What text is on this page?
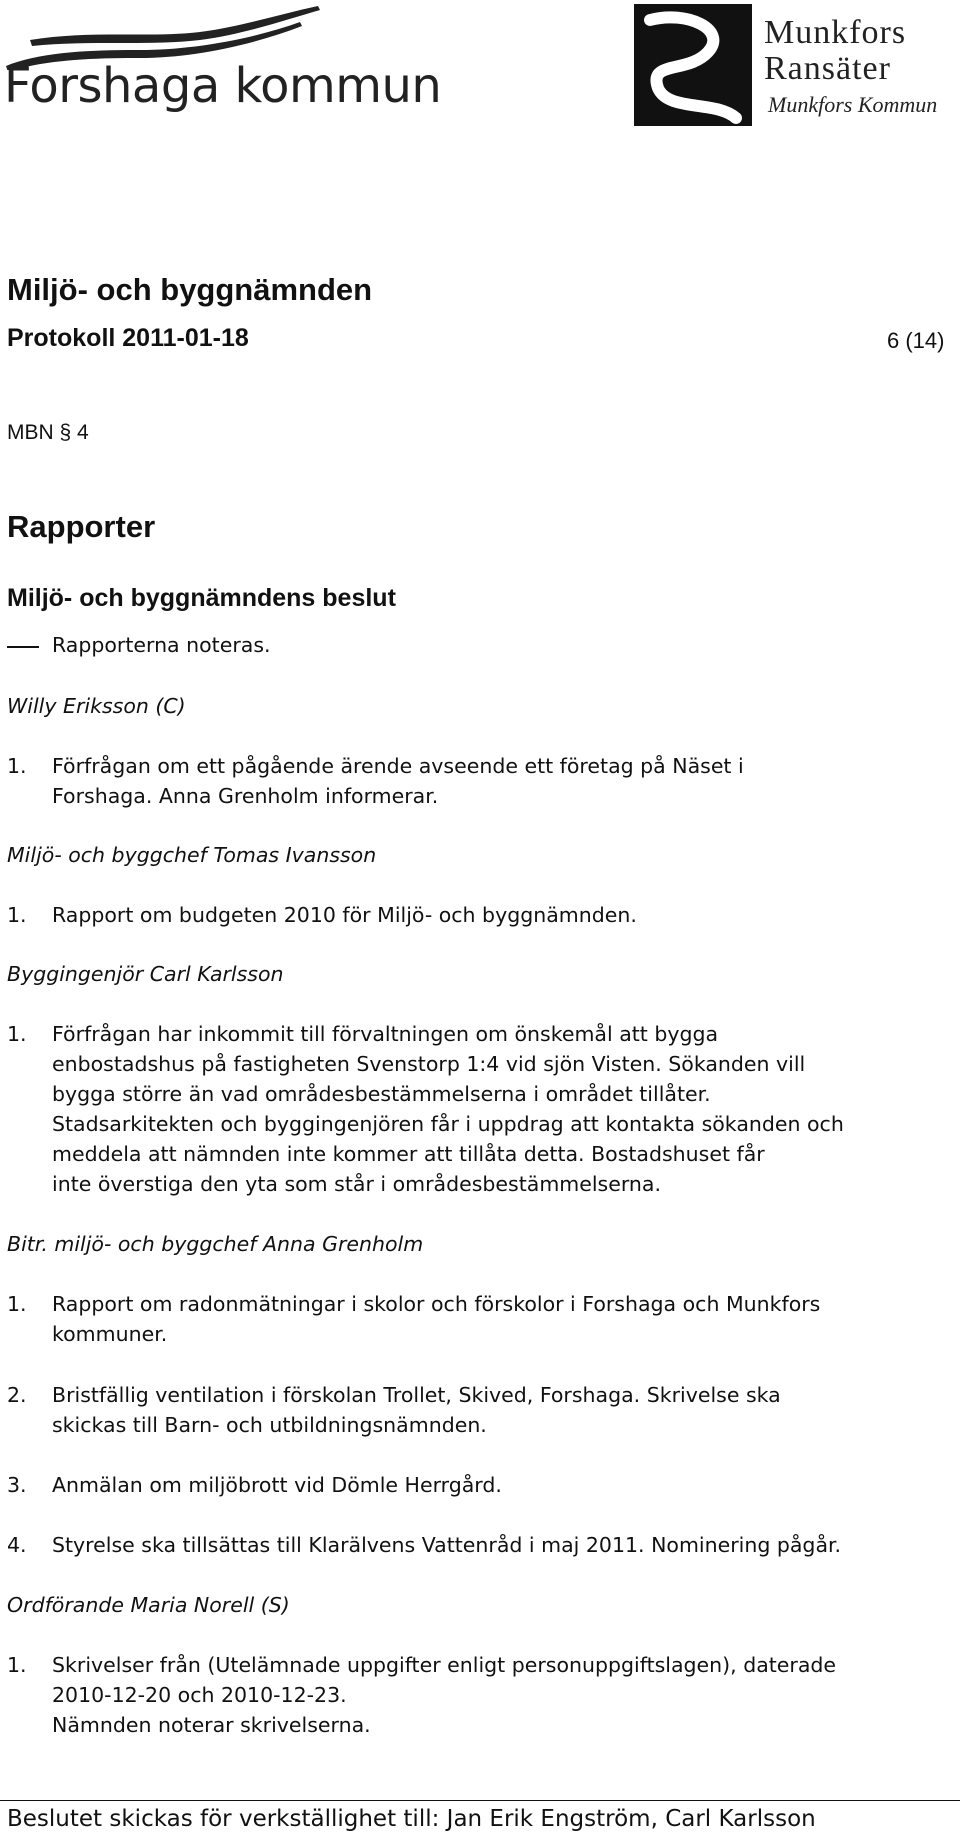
Forshaga kommun
Munkfors
Ransäter
Munkfors Kommun
Miljö- och byggnämnden
Protokoll 2011-01-18	6 (14)
MBN § 4
Rapporter
Miljö- och byggnämndens beslut
Rapporterna noteras.
Willy Eriksson (C)
1. Förfrågan om ett pågående ärende avseende ett företag på Näset i
Forshaga. Anna Grenholm informerar.
Miljö- och byggchef Tomas Ivansson
1. Rapport om budgeten 2010 för Miljö- och byggnämnden.
Byggingenjör Carl Karlsson
1. Förfrågan har inkommit till förvaltningen om önskemål att bygga
enbostadshus på fastigheten Svenstorp 1:4 vid sjön Visten. Sökanden vill
bygga större än vad områdesbestämmelserna i området tillåter.
Stadsarkitekten och byggingenjören får i uppdrag att kontakta sökanden och
meddela att nämnden inte kommer att tillåta detta. Bostadshuset får
inte överstiga den yta som står i områdesbestämmelserna.
Bitr. miljö- och byggchef Anna Grenholm
1. Rapport om radonmätningar i skolor och förskolor i Forshaga och Munkfors
kommuner.
2. Bristfällig ventilation i förskolan Trollet, Skived, Forshaga. Skrivelse ska
skickas till Barn- och utbildningsnämnden.
3. Anmälan om miljöbrott vid Dömle Herrgård.
4. Styrelse ska tillsättas till Klarälvens Vattenråd i maj 2011. Nominering pågår.
Ordförande Maria Norell (S)
1. Skrivelser från (Utelämnade uppgifter enligt personuppgiftslagen), daterade
2010-12-20 och 2010-12-23.
Nämnden noterar skrivelserna.
Beslutet skickas för verkställighet till: Jan Erik Engström, Carl Karlsson
